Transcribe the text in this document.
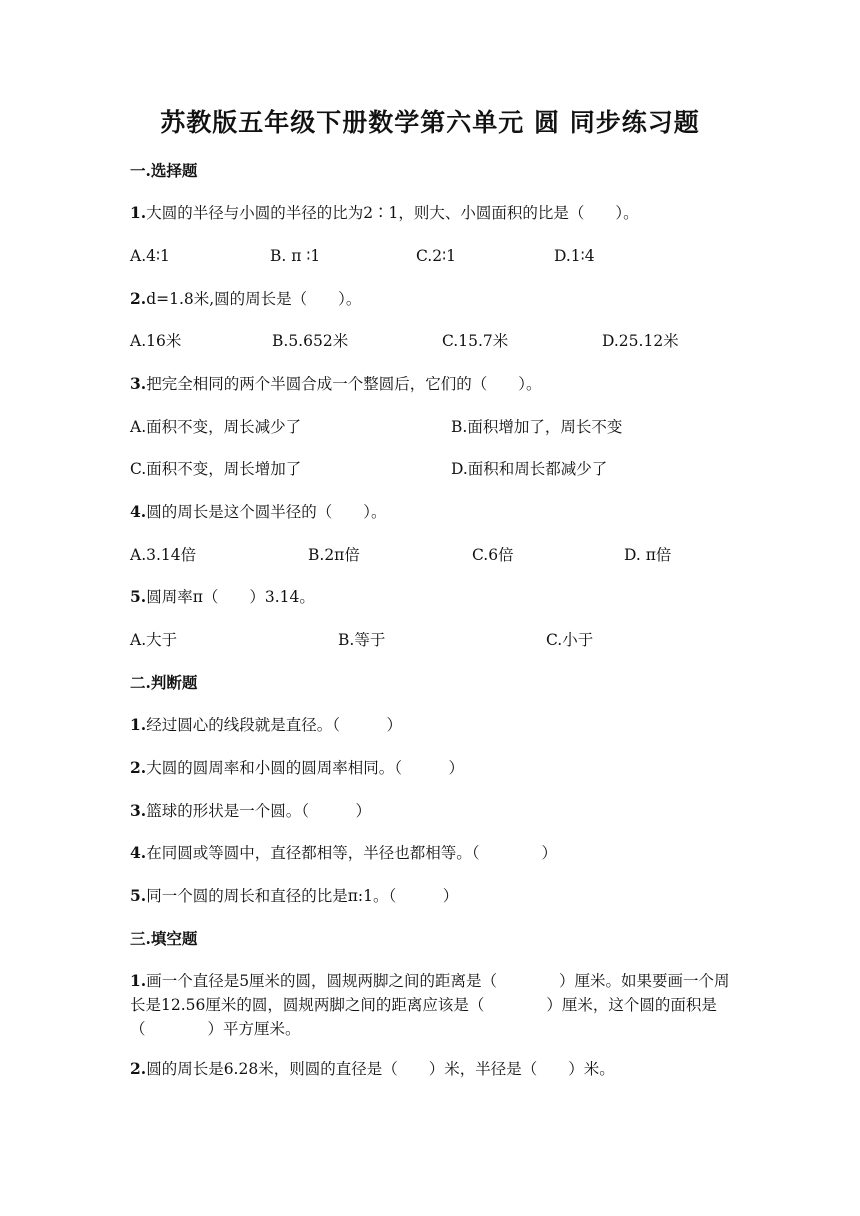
苏教版五年级下册数学第六单元 圆 同步练习题
一.选择题
1.大圆的半径与小圆的半径的比为2∶1，则大、小圆面积的比是（　　）。
A.4∶1	B. π ∶1	C.2∶1	D.1∶4
2.d=1.8米,圆的周长是（　　）。
A.16米	B.5.652米	C.15.7米	D.25.12米
3.把完全相同的两个半圆合成一个整圆后，它们的（　　）。
A.面积不变，周长减少了	B.面积增加了，周长不变
C.面积不变，周长增加了	D.面积和周长都减少了
4.圆的周长是这个圆半径的（　　）。
A.3.14倍	B.2π倍	C.6倍	D. π倍
5.圆周率π（　　）3.14。
A.大于	B.等于	C.小于
二.判断题
1.经过圆心的线段就是直径。（　　　）
2.大圆的圆周率和小圆的圆周率相同。（　　　）
3.篮球的形状是一个圆。（　　　）
4.在同圆或等圆中，直径都相等，半径也都相等。（　　　　）
5.同一个圆的周长和直径的比是π:1。（　　　）
三.填空题
1.画一个直径是5厘米的圆，圆规两脚之间的距离是（　　　　）厘米。如果要画一个周长是12.56厘米的圆，圆规两脚之间的距离应该是（　　　　）厘米，这个圆的面积是（　　　　）平方厘米。
2.圆的周长是6.28米，则圆的直径是（　　）米，半径是（　　）米。
